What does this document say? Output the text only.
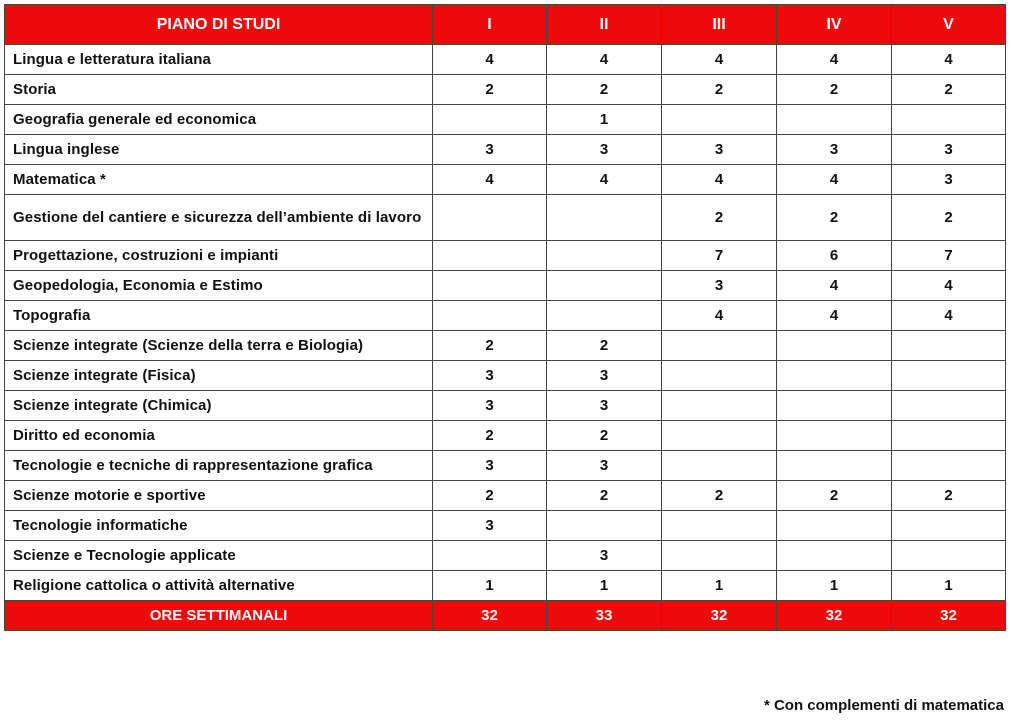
PIANO DI STUDI	I	II	III	IV	V
Lingua e letteratura italiana	4	4	4	4	4
Storia	2	2	2	2	2
Geografia generale ed economica		1			
Lingua inglese	3	3	3	3	3
Matematica *	4	4	4	4	3
Gestione del cantiere e sicurezza dell’ambiente di lavoro			2	2	2
Progettazione, costruzioni e impianti			7	6	7
Geopedologia, Economia e Estimo			3	4	4
Topografia			4	4	4
Scienze integrate (Scienze della terra e Biologia)	2	2			
Scienze integrate (Fisica)	3	3			
Scienze integrate (Chimica)	3	3			
Diritto ed economia	2	2			
Tecnologie e tecniche di rappresentazione grafica	3	3			
Scienze motorie e sportive	2	2	2	2	2
Tecnologie informatiche	3				
Scienze e Tecnologie applicate		3			
Religione cattolica o attività alternative	1	1	1	1	1
ORE SETTIMANALI	32	33	32	32	32
* Con complementi di matematica
